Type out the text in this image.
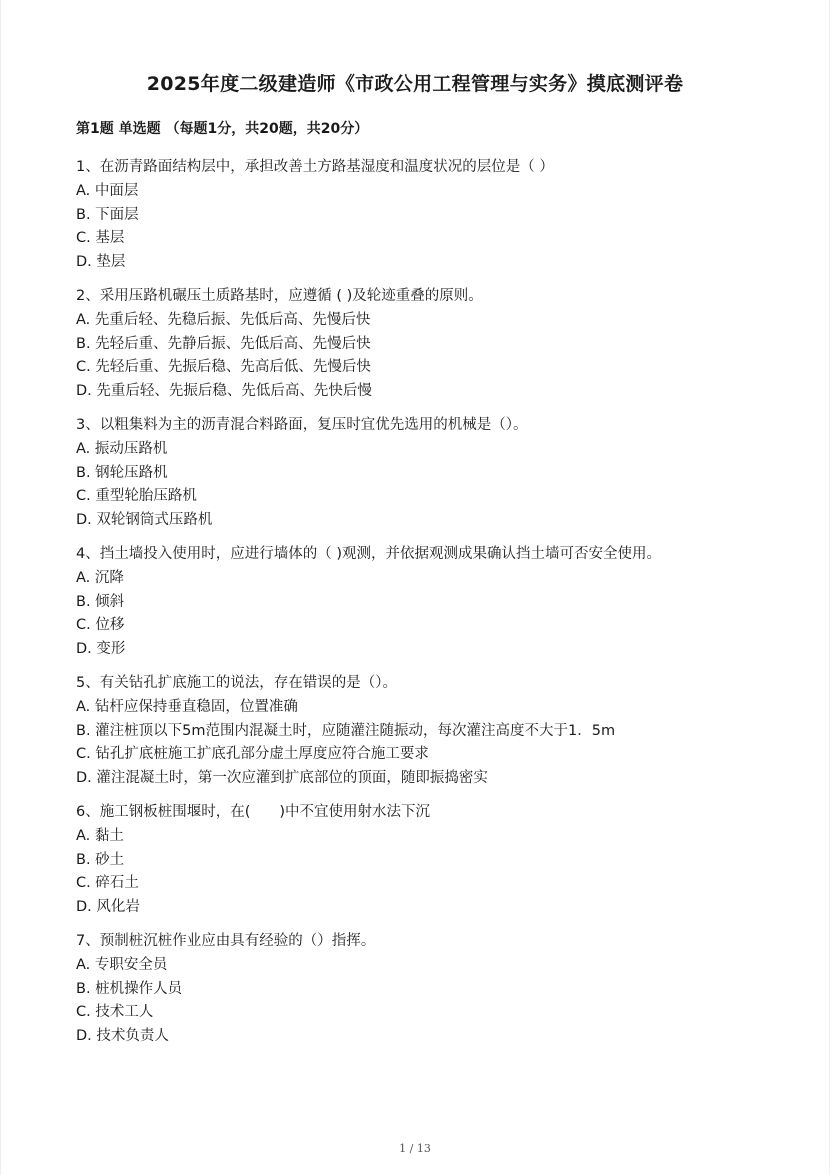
2025年度二级建造师《市政公用工程管理与实务》摸底测评卷
第1题 单选题 （每题1分，共20题，共20分）
1、在沥青路面结构层中，承担改善土方路基湿度和温度状况的层位是（ ）
A. 中面层
B. 下面层
C. 基层
D. 垫层
2、采用压路机碾压土质路基时，应遵循 ( )及轮迹重叠的原则。
A. 先重后轻、先稳后振、先低后高、先慢后快
B. 先轻后重、先静后振、先低后高、先慢后快
C. 先轻后重、先振后稳、先高后低、先慢后快
D. 先重后轻、先振后稳、先低后高、先快后慢
3、以粗集料为主的沥青混合料路面，复压时宜优先选用的机械是（）。
A. 振动压路机
B. 钢轮压路机
C. 重型轮胎压路机
D. 双轮钢筒式压路机
4、挡土墙投入使用时，应进行墙体的（ )观测，并依据观测成果确认挡土墙可否安全使用。
A. 沉降
B. 倾斜
C. 位移
D. 变形
5、有关钻孔扩底施工的说法，存在错误的是（）。
A. 钻杆应保持垂直稳固，位置准确
B. 灌注桩顶以下5m范围内混凝土时，应随灌注随振动，每次灌注高度不大于1．5m
C. 钻孔扩底桩施工扩底孔部分虚土厚度应符合施工要求
D. 灌注混凝土时，第一次应灌到扩底部位的顶面，随即振捣密实
6、施工钢板桩围堰时，在(　　)中不宜使用射水法下沉
A. 黏土
B. 砂土
C. 碎石土
D. 风化岩
7、预制桩沉桩作业应由具有经验的（）指挥。
A. 专职安全员
B. 桩机操作人员
C. 技术工人
D. 技术负责人
1 / 13
